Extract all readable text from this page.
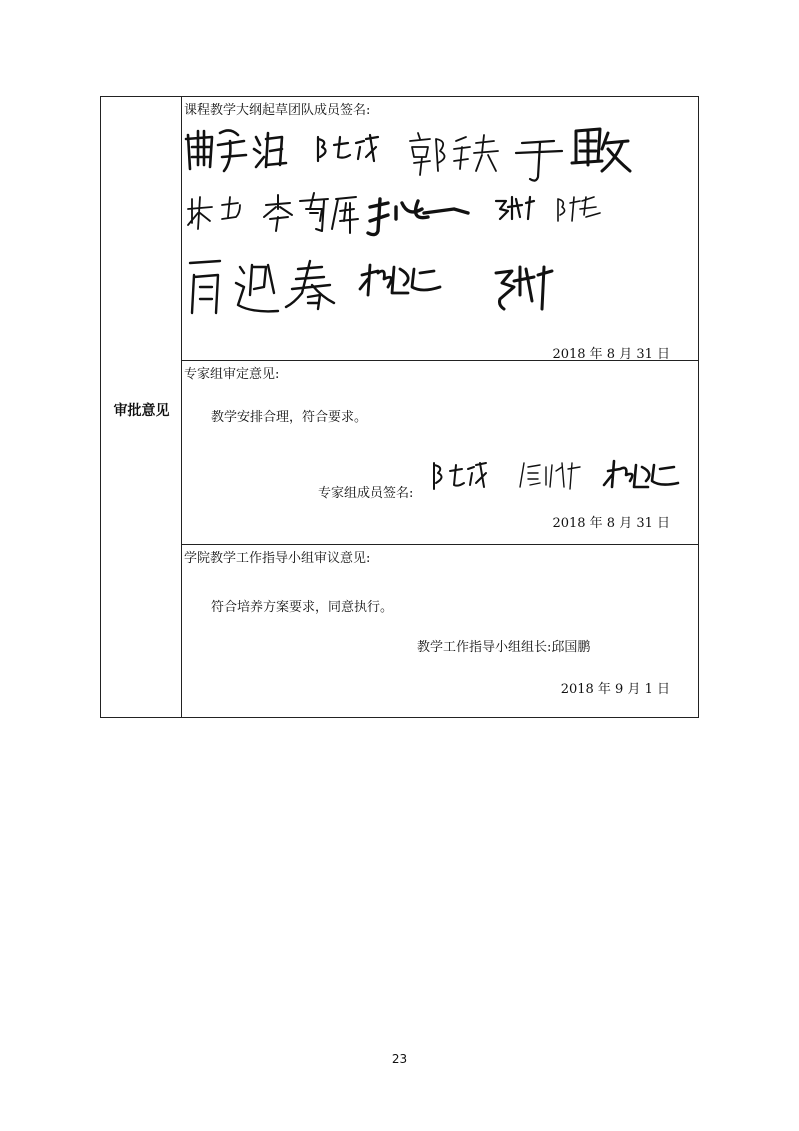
审批意见
课程教学大纲起草团队成员签名:
2018 年 8 月 31 日
专家组审定意见:
教学安排合理，符合要求。
专家组成员签名:
2018 年 8 月 31 日
学院教学工作指导小组审议意见:
符合培养方案要求，同意执行。
教学工作指导小组组长:邱国鹏
2018 年 9 月 1 日
23
